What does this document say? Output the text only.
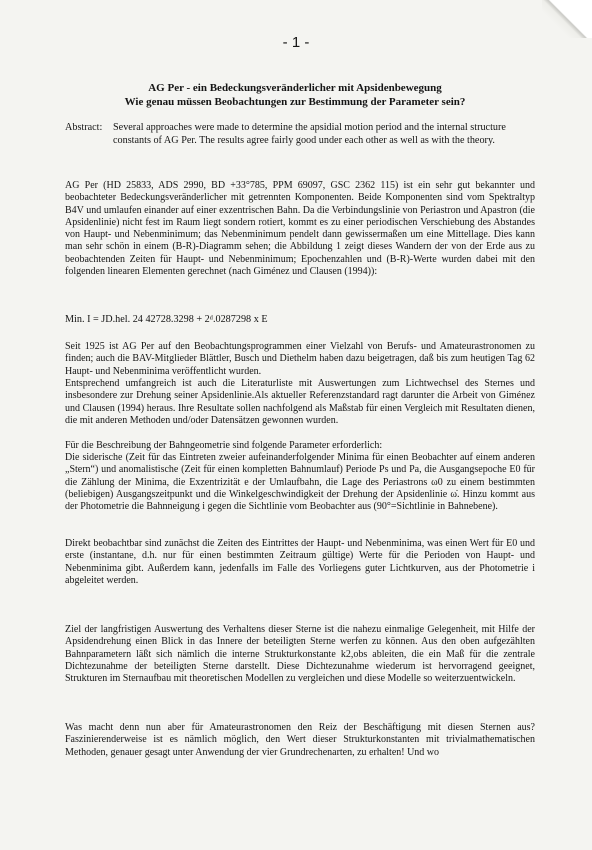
- 1 -
AG Per - ein Bedeckungsveränderlicher mit Apsidenbewegung
Wie genau müssen Beobachtungen zur Bestimmung der Parameter sein?
Abstract:	Several approaches were made to determine the apsidial motion period and the internal structure constants of AG Per. The results agree fairly good under each other as well as with the theory.
AG Per (HD 25833, ADS 2990, BD +33°785, PPM 69097, GSC 2362 115) ist ein sehr gut bekannter und beobachteter Bedeckungsveränderlicher mit getrennten Komponenten. Beide Komponenten sind vom Spektraltyp B4V und umlaufen einander auf einer exzentrischen Bahn. Da die Verbindungslinie von Periastron und Apastron (die Apsidenlinie) nicht fest im Raum liegt sondern rotiert, kommt es zu einer periodischen Verschiebung des Abstandes von Haupt- und Nebenminimum; das Nebenminimum pendelt dann gewissermaßen um eine Mittellage. Dies kann man sehr schön in einem (B-R)-Diagramm sehen; die Abbildung 1 zeigt dieses Wandern der von der Erde aus zu beobachtenden Zeiten für Haupt- und Nebenminimum; Epochenzahlen und (B-R)-Werte wurden dabei mit den folgenden linearen Elementen gerechnet (nach Giménez und Clausen (1994)):
Min. I = JD.hel. 24 42728.3298 + 2ᵈ.0287298 x E
Seit 1925 ist AG Per auf den Beobachtungsprogrammen einer Vielzahl von Berufs- und Amateurastronomen zu finden; auch die BAV-Mitglieder Blättler, Busch und Diethelm haben dazu beigetragen, daß bis zum heutigen Tag 62 Haupt- und Nebenminima veröffentlicht wurden.
Entsprechend umfangreich ist auch die Literaturliste mit Auswertungen zum Lichtwechsel des Sternes und insbesondere zur Drehung seiner Apsidenlinie.Als aktueller Referenzstandard ragt darunter die Arbeit von Giménez und Clausen (1994) heraus. Ihre Resultate sollen nachfolgend als Maßstab für einen Vergleich mit Resultaten dienen, die mit anderen Methoden und/oder Datensätzen gewonnen wurden.
Für die Beschreibung der Bahngeometrie sind folgende Parameter erforderlich:
Die siderische (Zeit für das Eintreten zweier aufeinanderfolgender Minima für einen Beobachter auf einem anderen „Stern“) und anomalistische (Zeit für einen kompletten Bahnumlauf) Periode Ps und Pa, die Ausgangsepoche E0 für die Zählung der Minima, die Exzentrizität e der Umlaufbahn, die Lage des Periastrons ω0 zu einem bestimmten (beliebigen) Ausgangszeitpunkt und die Winkelgeschwindigkeit der Drehung der Apsidenlinie ω̇. Hinzu kommt aus der Photometrie die Bahnneigung i gegen die Sichtlinie vom Beobachter aus (90°=Sichtlinie in Bahnebene).
Direkt beobachtbar sind zunächst die Zeiten des Eintrittes der Haupt- und Nebenminima, was einen Wert für E0 und erste (instantane, d.h. nur für einen bestimmten Zeitraum gültige) Werte für die Perioden von Haupt- und Nebenminima gibt. Außerdem kann, jedenfalls im Falle des Vorliegens guter Lichtkurven, aus der Photometrie i abgeleitet werden.
Ziel der langfristigen Auswertung des Verhaltens dieser Sterne ist die nahezu einmalige Gelegenheit, mit Hilfe der Apsidendrehung einen Blick in das Innere der beteiligten Sterne werfen zu können. Aus den oben aufgezählten Bahnparametern läßt sich nämlich die interne Strukturkonstante k2,obs ableiten, die ein Maß für die zentrale Dichtezunahme der beteiligten Sterne darstellt. Diese Dichtezunahme wiederum ist hervorragend geeignet, Strukturen im Sternaufbau mit theoretischen Modellen zu vergleichen und diese Modelle so weiterzuentwickeln.
Was macht denn nun aber für Amateurastronomen den Reiz der Beschäftigung mit diesen Sternen aus? Faszinierenderweise ist es nämlich möglich, den Wert dieser Strukturkonstanten mit trivialmathematischen Methoden, genauer gesagt unter Anwendung der vier Grundrechenarten, zu erhalten! Und wo
